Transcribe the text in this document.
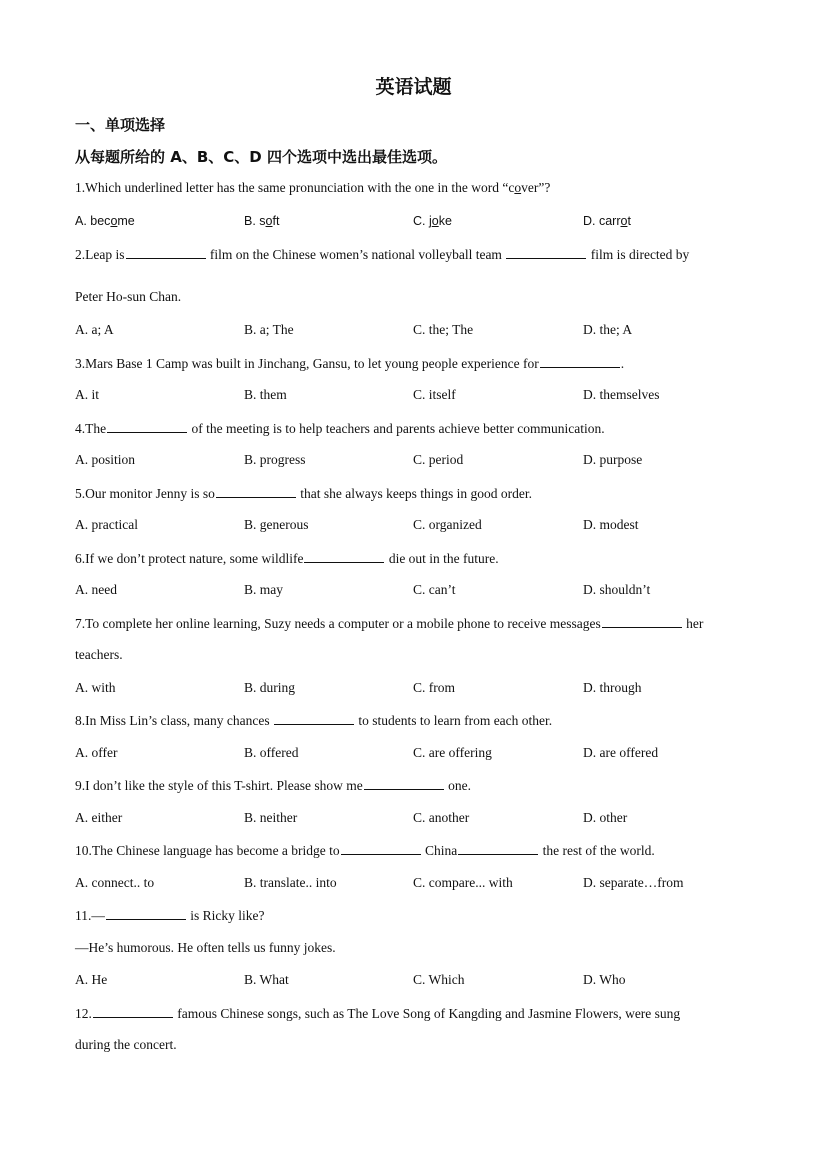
英语试题
一、单项选择
从每题所给的 A、B、C、D 四个选项中选出最佳选项。
1.Which underlined letter has the same pronunciation with the one in the word “cover”?
A. become	B. soft	C. joke	D. carrot
2.Leap is	film on the Chinese women’s national volleyball team	film is directed by
Peter Ho-sun Chan.
A. a; A	B. a; The	C. the; The	D. the; A
3.Mars Base 1 Camp was built in Jinchang, Gansu, to let young people experience for	.
A. it	B. them	C. itself	D. themselves
4.The	of the meeting is to help teachers and parents achieve better communication.
A. position	B. progress	C. period	D. purpose
5.Our monitor Jenny is so	that she always keeps things in good order.
A. practical	B. generous	C. organized	D. modest
6.If we don’t protect nature, some wildlife	die out in the future.
A. need	B. may	C. can’t	D. shouldn’t
7.To complete her online learning, Suzy needs a computer or a mobile phone to receive messages	her
teachers.
A. with	B. during	C. from	D. through
8.In Miss Lin’s class, many chances	to students to learn from each other.
A. offer	B. offered	C. are offering	D. are offered
9.I don’t like the style of this T-shirt. Please show me	one.
A. either	B. neither	C. another	D. other
10.The Chinese language has become a bridge to	China	the rest of the world.
A. connect.. to	B. translate.. into	C. compare... with	D. separate…from
11.—	is Ricky like?
—He’s humorous. He often tells us funny jokes.
A. He	B. What	C. Which	D. Who
12.	famous Chinese songs, such as The Love Song of Kangding and Jasmine Flowers, were sung
during the concert.
